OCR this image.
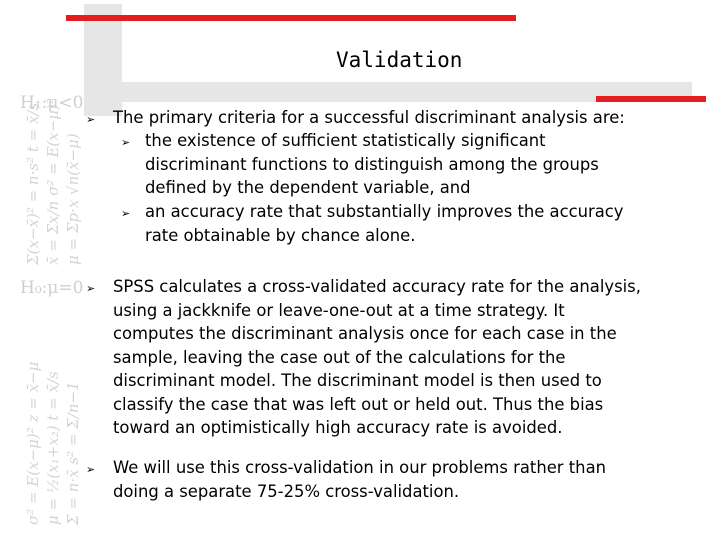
H₁:μ<0
H₀:μ=0
Σ(x−x̄)² = n·s² t = x̄/s x̄ = Σx/n σ² = E(x−μ)² μ = Σp·x √n(x̄−μ)
σ² = E(x−μ)² z = x̄−μ μ = ½(x₁+x₂) t = x̄/s Σ = n·x̄ s² = Σ/n−1
Validation
➢ The primary criteria for a successful discriminant analysis are:
➢ the existence of sufficient statistically significant
discriminant functions to distinguish among the groups
defined by the dependent variable, and
➢ an accuracy rate that substantially improves the accuracy
rate obtainable by chance alone.
➢ SPSS calculates a cross-validated accuracy rate for the analysis,
using a jackknife or leave-one-out at a time strategy. It
computes the discriminant analysis once for each case in the
sample, leaving the case out of the calculations for the
discriminant model. The discriminant model is then used to
classify the case that was left out or held out. Thus the bias
toward an optimistically high accuracy rate is avoided.
➢ We will use this cross-validation in our problems rather than
doing a separate 75-25% cross-validation.
